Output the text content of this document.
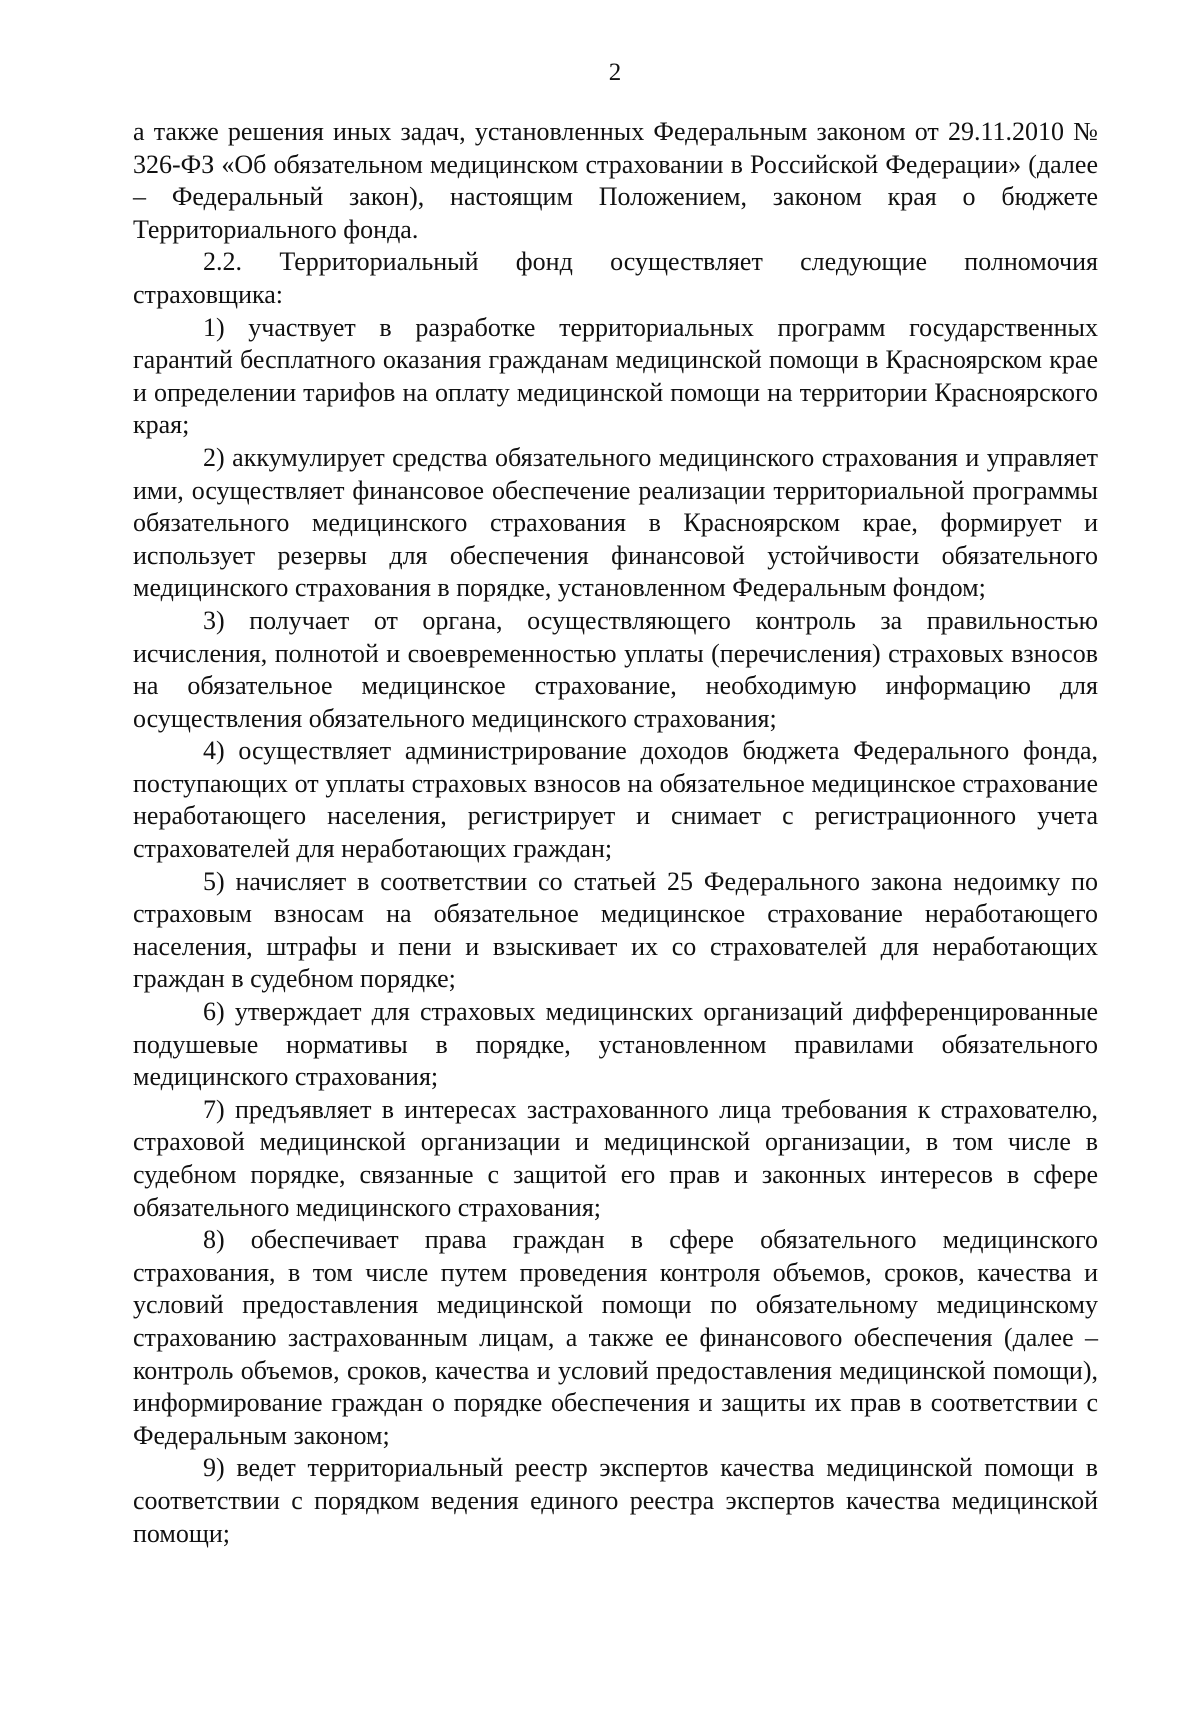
2

а также решения иных задач, установленных Федеральным законом от 29.11.2010 № 326-ФЗ «Об обязательном медицинском страховании в Российской Федерации» (далее – Федеральный закон), настоящим Положением, законом края о бюджете Территориального фонда.

2.2. Территориальный фонд осуществляет следующие полномочия страховщика:

1) участвует в разработке территориальных программ государственных гарантий бесплатного оказания гражданам медицинской помощи в Красноярском крае и определении тарифов на оплату медицинской помощи на территории Красноярского края;

2) аккумулирует средства обязательного медицинского страхования и управляет ими, осуществляет финансовое обеспечение реализации территориальной программы обязательного медицинского страхования в Красноярском крае, формирует и использует резервы для обеспечения финансовой устойчивости обязательного медицинского страхования в порядке, установленном Федеральным фондом;

3) получает от органа, осуществляющего контроль за правильностью исчисления, полнотой и своевременностью уплаты (перечисления) страховых взносов на обязательное медицинское страхование, необходимую информацию для осуществления обязательного медицинского страхования;

4) осуществляет администрирование доходов бюджета Федерального фонда, поступающих от уплаты страховых взносов на обязательное медицинское страхование неработающего населения, регистрирует и снимает с регистрационного учета страхователей для неработающих граждан;

5) начисляет в соответствии со статьей 25 Федерального закона недоимку по страховым взносам на обязательное медицинское страхование неработающего населения, штрафы и пени и взыскивает их со страхователей для неработающих граждан в судебном порядке;

6) утверждает для страховых медицинских организаций дифференцированные подушевые нормативы в порядке, установленном правилами обязательного медицинского страхования;

7) предъявляет в интересах застрахованного лица требования к страхователю, страховой медицинской организации и медицинской организации, в том числе в судебном порядке, связанные с защитой его прав и законных интересов в сфере обязательного медицинского страхования;

8) обеспечивает права граждан в сфере обязательного медицинского страхования, в том числе путем проведения контроля объемов, сроков, качества и условий предоставления медицинской помощи по обязательному медицинскому страхованию застрахованным лицам, а также ее финансового обеспечения (далее – контроль объемов, сроков, качества и условий предоставления медицинской помощи), информирование граждан о порядке обеспечения и защиты их прав в соответствии с Федеральным законом;

9) ведет территориальный реестр экспертов качества медицинской помощи в соответствии с порядком ведения единого реестра экспертов качества медицинской помощи;
